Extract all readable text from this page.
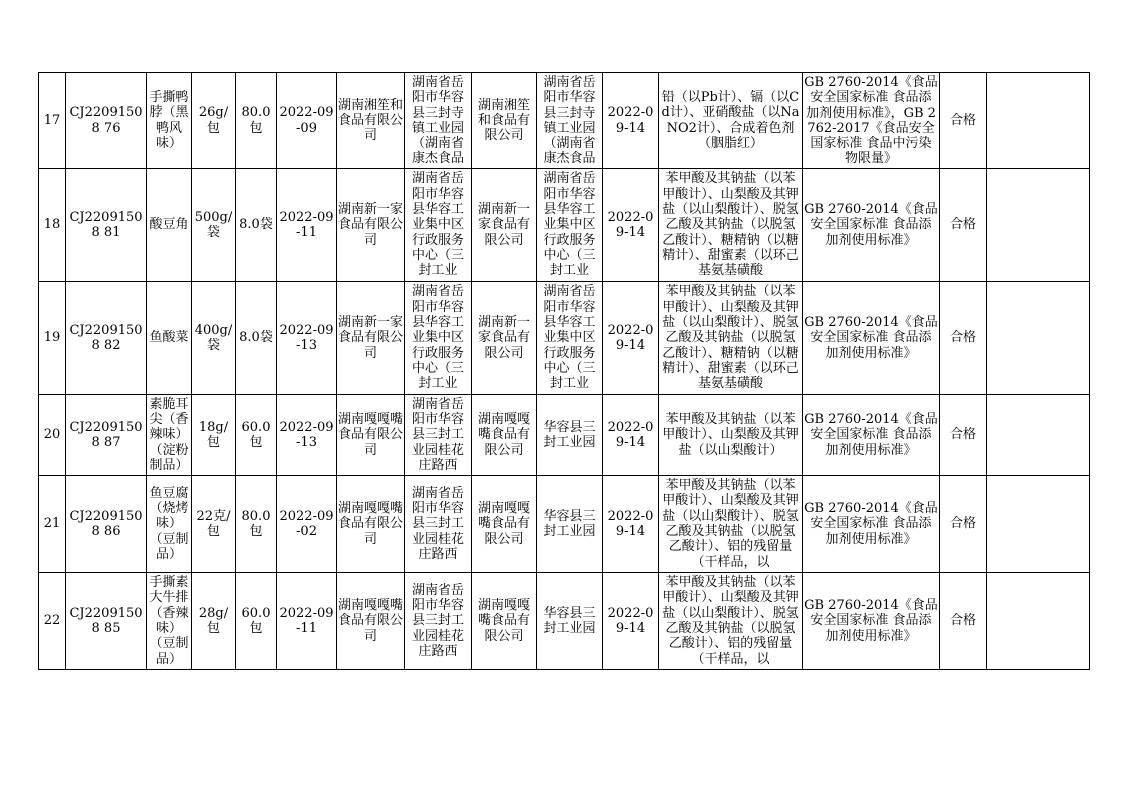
17	CJ22091508 76	手撕鸭脖（黑鸭风味）	26g/包	80.0包	2022-09-09	湖南湘笙和食品有限公司	湖南省岳阳市华容县三封寺镇工业园（湖南省康杰食品	湖南湘笙和食品有限公司	湖南省岳阳市华容县三封寺镇工业园（湖南省康杰食品	2022-09-14	铅（以Pb计）、镉（以Cd计）、亚硝酸盐（以NaNO2计）、合成着色剂（胭脂红）	GB 2760-2014《食品安全国家标准 食品添加剂使用标准》，GB 2762-2017《食品安全国家标准 食品中污染物限量》	合格	

18	CJ22091508 81	酸豆角	500g/袋	8.0袋	2022-09-11	湖南新一家食品有限公司	湖南省岳阳市华容县华容工业集中区行政服务中心（三封工业	湖南新一家食品有限公司	湖南省岳阳市华容县华容工业集中区行政服务中心（三封工业	2022-09-14	苯甲酸及其钠盐（以苯甲酸计）、山梨酸及其钾盐（以山梨酸计）、脱氢乙酸及其钠盐（以脱氢乙酸计）、糖精钠（以糖精计）、甜蜜素（以环己基氨基磺酸	GB 2760-2014《食品安全国家标准 食品添加剂使用标准》	合格	

19	CJ22091508 82	鱼酸菜	400g/袋	8.0袋	2022-09-13	湖南新一家食品有限公司	湖南省岳阳市华容县华容工业集中区行政服务中心（三封工业	湖南新一家食品有限公司	湖南省岳阳市华容县华容工业集中区行政服务中心（三封工业	2022-09-14	苯甲酸及其钠盐（以苯甲酸计）、山梨酸及其钾盐（以山梨酸计）、脱氢乙酸及其钠盐（以脱氢乙酸计）、糖精钠（以糖精计）、甜蜜素（以环己基氨基磺酸	GB 2760-2014《食品安全国家标准 食品添加剂使用标准》	合格	

20	CJ22091508 87	素脆耳尖（香辣味）（淀粉制品）	18g/包	60.0包	2022-09-13	湖南嘎嘎嘴食品有限公司	湖南省岳阳市华容县三封工业园桂花庄路西	湖南嘎嘎嘴食品有限公司	华容县三封工业园	2022-09-14	苯甲酸及其钠盐（以苯甲酸计）、山梨酸及其钾盐（以山梨酸计）	GB 2760-2014《食品安全国家标准 食品添加剂使用标准》	合格	

21	CJ22091508 86	鱼豆腐（烧烤味）（豆制品）	22克/包	80.0包	2022-09-02	湖南嘎嘎嘴食品有限公司	湖南省岳阳市华容县三封工业园桂花庄路西	湖南嘎嘎嘴食品有限公司	华容县三封工业园	2022-09-14	苯甲酸及其钠盐（以苯甲酸计）、山梨酸及其钾盐（以山梨酸计）、脱氢乙酸及其钠盐（以脱氢乙酸计）、铝的残留量（干样品，以	GB 2760-2014《食品安全国家标准 食品添加剂使用标准》	合格	

22	CJ22091508 85	手撕素大牛排（香辣味）（豆制品）	28g/包	60.0包	2022-09-11	湖南嘎嘎嘴食品有限公司	湖南省岳阳市华容县三封工业园桂花庄路西	湖南嘎嘎嘴食品有限公司	华容县三封工业园	2022-09-14	苯甲酸及其钠盐（以苯甲酸计）、山梨酸及其钾盐（以山梨酸计）、脱氢乙酸及其钠盐（以脱氢乙酸计）、铝的残留量（干样品，以	GB 2760-2014《食品安全国家标准 食品添加剂使用标准》	合格	
